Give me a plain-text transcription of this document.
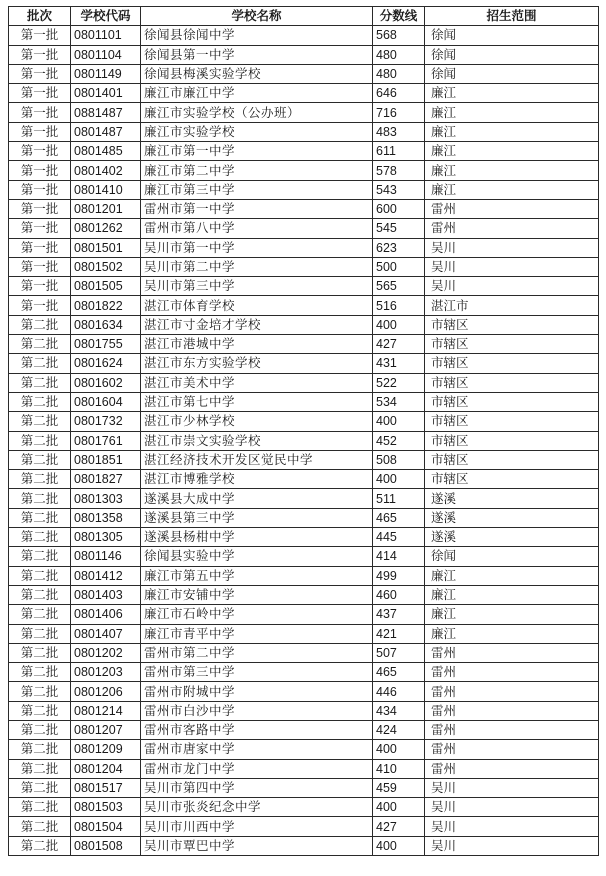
批次	学校代码	学校名称	分数线	招生范围
第一批	0801101	徐闻县徐闻中学	568	徐闻
第一批	0801104	徐闻县第一中学	480	徐闻
第一批	0801149	徐闻县梅溪实验学校	480	徐闻
第一批	0801401	廉江市廉江中学	646	廉江
第一批	0881487	廉江市实验学校（公办班）	716	廉江
第一批	0801487	廉江市实验学校	483	廉江
第一批	0801485	廉江市第一中学	611	廉江
第一批	0801402	廉江市第二中学	578	廉江
第一批	0801410	廉江市第三中学	543	廉江
第一批	0801201	雷州市第一中学	600	雷州
第一批	0801262	雷州市第八中学	545	雷州
第一批	0801501	吴川市第一中学	623	吴川
第一批	0801502	吴川市第二中学	500	吴川
第一批	0801505	吴川市第三中学	565	吴川
第一批	0801822	湛江市体育学校	516	湛江市
第二批	0801634	湛江市寸金培才学校	400	市辖区
第二批	0801755	湛江市港城中学	427	市辖区
第二批	0801624	湛江市东方实验学校	431	市辖区
第二批	0801602	湛江市美术中学	522	市辖区
第二批	0801604	湛江市第七中学	534	市辖区
第二批	0801732	湛江市少林学校	400	市辖区
第二批	0801761	湛江市崇文实验学校	452	市辖区
第二批	0801851	湛江经济技术开发区觉民中学	508	市辖区
第二批	0801827	湛江市博雅学校	400	市辖区
第二批	0801303	遂溪县大成中学	511	遂溪
第二批	0801358	遂溪县第三中学	465	遂溪
第二批	0801305	遂溪县杨柑中学	445	遂溪
第二批	0801146	徐闻县实验中学	414	徐闻
第二批	0801412	廉江市第五中学	499	廉江
第二批	0801403	廉江市安铺中学	460	廉江
第二批	0801406	廉江市石岭中学	437	廉江
第二批	0801407	廉江市青平中学	421	廉江
第二批	0801202	雷州市第二中学	507	雷州
第二批	0801203	雷州市第三中学	465	雷州
第二批	0801206	雷州市附城中学	446	雷州
第二批	0801214	雷州市白沙中学	434	雷州
第二批	0801207	雷州市客路中学	424	雷州
第二批	0801209	雷州市唐家中学	400	雷州
第二批	0801204	雷州市龙门中学	410	雷州
第二批	0801517	吴川市第四中学	459	吴川
第二批	0801503	吴川市张炎纪念中学	400	吴川
第二批	0801504	吴川市川西中学	427	吴川
第二批	0801508	吴川市覃巴中学	400	吴川
